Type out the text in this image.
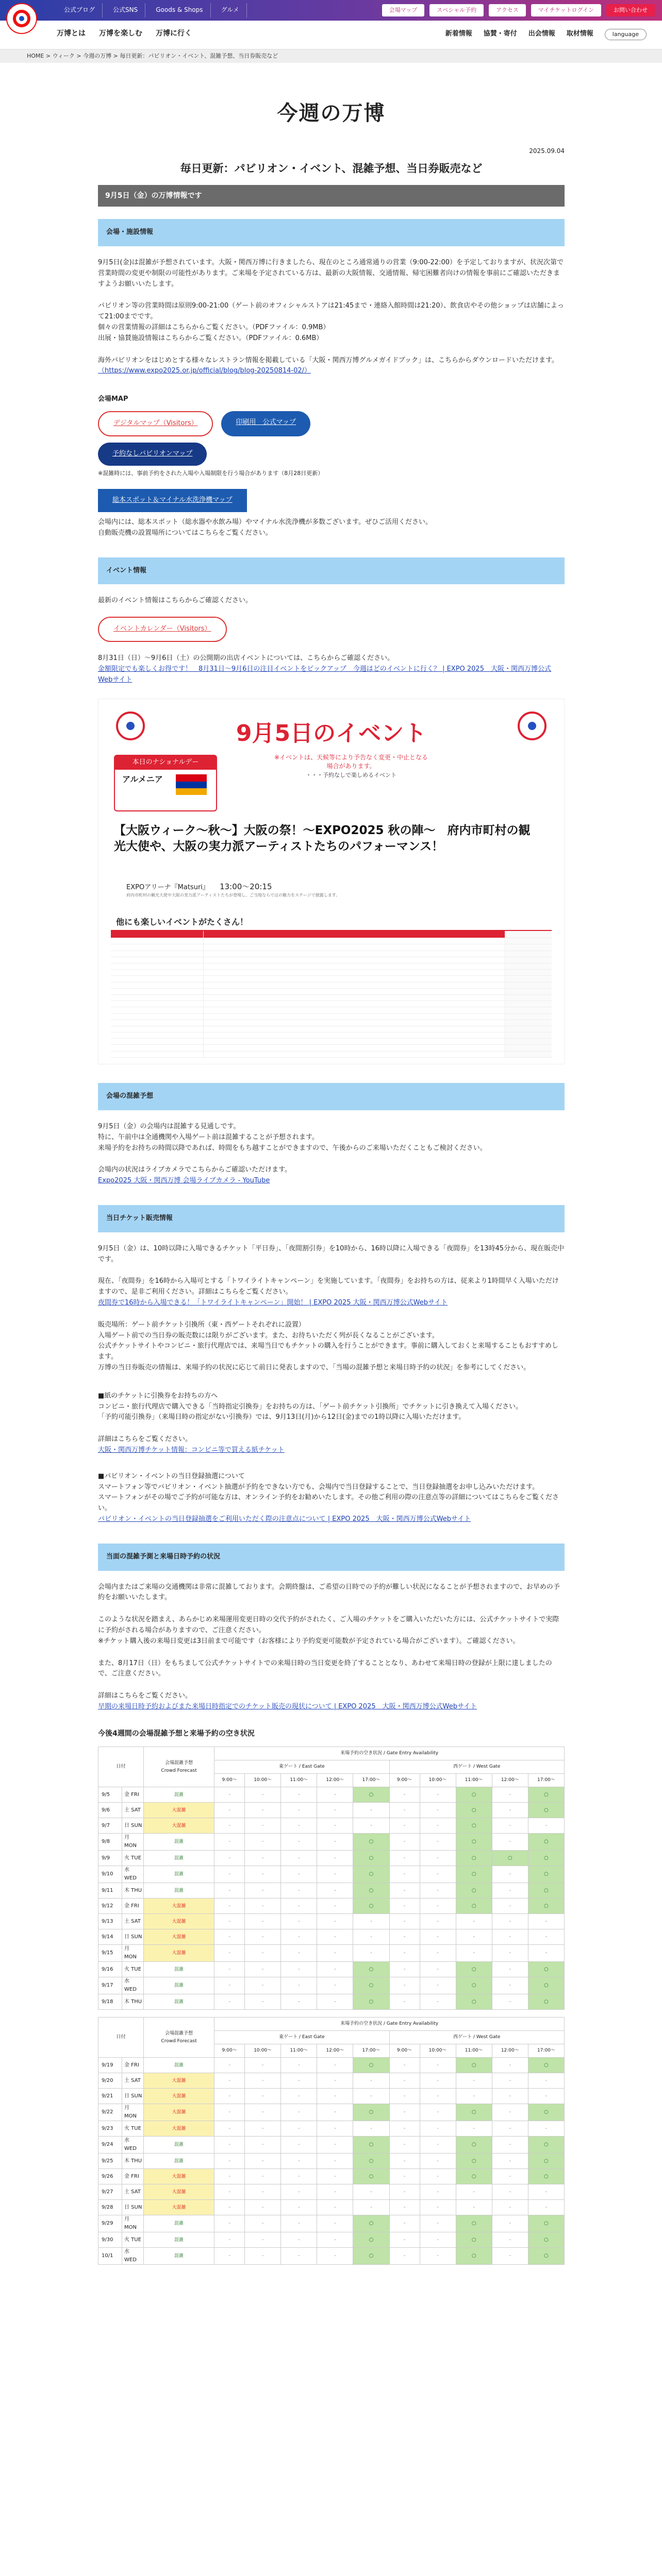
公式ブログ	公式SNS	Goods & Shops	グルメ	会場マップ	スペシャル予約	アクセス	マイチケットログイン	お問い合わせ
万博とは 万博を楽しむ 万博に行く	新着情報 協賛・寄付 出会情報 取材情報	language
HOME > ウィーク > 今週の万博 > 毎日更新：パビリオン・イベント、混雑予想、当日券販売など
今週の万博
2025.09.04
毎日更新：パビリオン・イベント、混雑予想、当日券販売など
9月5日（金）の万博情報です
会場・施設情報

9月5日(金)は混雑が予想されています。大阪・関西万博に行きましたら、現在のところ通常通りの営業（9:00-22:00）を予定しておりますが、状況次第で営業時間の変更や制限の可能性があります。ご来場を予定されている方は、最新の大阪情報、交通情報、帰宅困難者向けの情報を事前にご確認いただきますようお願いいたします。

パビリオン等の営業時間は原則9:00-21:00（ゲート前のオフィシャルストアは21:45まで・連絡入館時間は21:20）、飲食店やその他ショップは店舗によって21:00までです。

個々の営業情報の詳細はこちらからご覧ください。（PDFファイル：0.9MB）

出展・協賛施設情報はこちらからご覧ください。（PDFファイル：0.6MB）

海外パビリオンをはじめとする様々なレストラン情報を掲載している「大阪・関西万博グルメガイドブック」は、こちらからダウンロードいただけます。

（https://www.expo2025.or.jp/official/blog/blog-20250814-02/）

会場MAP

デジタルマップ（Visitors）	印刷用　公式マップ
予約なしパビリオンマップ

※混雑時には、事前予約をされた入場や入場制限を行う場合があります（8月28日更新）

総本スポット＆マイナル水洗浄機マップ

会場内には、総本スポット（総水器や水飲み場）やマイナル水洗浄機が多数ございます。ぜひご活用ください。

自動販売機の設置場所についてはこちらをご覧ください。

イベント情報

最新のイベント情報はこちらからご確認ください。

イベントカレンダー（Visitors）

8月31日（日）～9月6日（土）の公開期の出店イベントについては、こちらからご確認ください。

金額限定でも楽しくお得です！　8月31日～9月6日の注目イベントをピックアップ　今週はどのイベントに行く？ | EXPO 2025　大阪・関西万博公式Webサイト

9月5日のイベント
本日のナショナルデー
アルメニア
※イベントは、天候等により予告なく変更・中止となる場合があります。
・・・予約なしで楽しめるイベント
【大阪ウィーク～秋～】大阪の祭！～EXPO2025 秋の陣～　府内市町村の観光大使や、大阪の実力派アーティストたちのパフォーマンス！
EXPOアリーナ『Matsuri』 13:00～20:15
府内市町村の観光大使や大阪の実力派アーティストたちが登場し、ご当地ならではの魅力をステージで披露します。
他にも楽しいイベントがたくさん！
会場の混雑予想

9月5日（金）の会場内は混雑する見通しです。

特に、午前中は全通機関や入場ゲート前は混雑することが予想されます。

来場予約をお持ちの時間以降であれば、時間をもち越すことができますので、午後からのご来場いただくこともご検討ください。

会場内の状況はライブカメラでこちらからご確認いただけます。

Expo2025 大阪・関西万博 会場ライブカメラ - YouTube

当日チケット販売情報

9月5日（金）は、10時以降に入場できるチケット「平日券」、「夜間割引券」を10時から、16時以降に入場できる「夜間券」を13時45分から、現在販売中です。

現在、「夜間券」を16時から入場可とする「トワイライトキャンペーン」を実施しています。「夜間券」をお持ちの方は、従来より1時間早く入場いただけますので、是非ご利用ください。詳細はこちらをご覧ください。

夜間券で16時から入場できる！「トワイライトキャンペーン」開始！ | EXPO 2025 大阪・関西万博公式Webサイト

販売場所：ゲート前チケット引換所（東・西ゲートそれぞれに設置）

入場ゲート前での当日券の販売数には限りがございます。また、お待ちいただく列が長くなることがございます。

公式チケットサイトやコンビニ・旅行代理店では、来場当日でもチケットの購入を行うことができます。事前に購入しておくと来場することもおすすめします。

万博の当日券販売の情報は、来場予約の状況に応じて前日に発表しますので、「当場の混雑予想と来場日時予約の状況」を参考にしてください。

■紙のチケットに引換券をお持ちの方へ

コンビニ・旅行代理店で購入できる「当時指定引換券」をお持ちの方は、「ゲート前チケット引換所」でチケットに引き換えて入場ください。

「予約可能引換券」（来場日時の指定がない引換券）では、9月13日(月)から12日(金)までの1時以降に入場いただけます。

詳細はこちらをご覧ください。

大阪・関西万博チケット情報：コンビニ等で買える紙チケット

■パビリオン・イベントの当日登録抽選について

スマートフォン等でパビリオン・イベント抽選が予約をできない方でも、会場内で当日登録することで、当日登録抽選をお申し込みいただけます。

スマートフォンがその場でご予約が可能な方は、オンライン予約をお勧めいたします。その他ご利用の際の注意点等の詳細についてはこちらをご覧ください。

パビリオン・イベントの当日登録抽選をご利用いただく際の注意点について | EXPO 2025　大阪・関西万博公式Webサイト

当面の混雑予測と来場日時予約の状況

会場内またはご来場の交通機関は非常に混雑しております。会期終盤は、ご希望の日時での予約が難しい状況になることが予想されますので、お早めの予約をお願いいたします。

このような状況を踏まえ、あらかじめ来場運用変更日時の交代予約がされたく、ご入場のチケットをご購入いただいた方には、公式チケットサイトで実際に予約がされる場合がありますので、ご注意ください。

※チケット購入後の来場日変更は3日前まで可能です（お客様により予約変更可能数が予定されている場合がございます）。ご確認ください。

また、8月17日（日）をもちまして公式チケットサイトでの来場日時の当日変更を終了することとなり、あわせて来場日時の登録が上限に達しましたので、ご注意ください。

詳細はこちらをご覧ください。

早期の来場日時予約およびまた来場日時指定でのチケット販売の現状について | EXPO 2025　大阪・関西万博公式Webサイト

今後4週間の会場混雑予想と来場予約の空き状況

日付		会場混雑予想
Crowd Forecast	来場予約の空き状況 / Gate Entry Availability									
			東ゲート / East Gate					西ゲート / West Gate				
			9:00～	10:00～	11:00～	12:00～	17:00～	9:00～	10:00～	11:00～	12:00～	17:00～
9/5	金 FRI	混雑	‐	‐	‐	‐	○	‐	‐	○	‐	○
9/6	土 SAT	大混雑	‐	‐	‐	‐	‐	‐	‐	○	‐	○
9/7	日 SUN	大混雑	‐	‐	‐	‐	‐	‐	‐	○	‐	‐
9/8	月 MON	混雑	‐	‐	‐	‐	○	‐	‐	○	‐	○
9/9	火 TUE	混雑	‐	‐	‐	‐	○	‐	‐	○	○	○
9/10	水 WED	混雑	‐	‐	‐	‐	○	‐	‐	○	‐	○
9/11	木 THU	混雑	‐	‐	‐	‐	○	‐	‐	○	‐	○
9/12	金 FRI	大混雑	‐	‐	‐	‐	○	‐	‐	○	‐	○
9/13	土 SAT	大混雑	‐	‐	‐	‐	‐	‐	‐	‐	‐	‐
9/14	日 SUN	大混雑	‐	‐	‐	‐	‐	‐	‐	‐	‐	‐
9/15	月 MON	大混雑	‐	‐	‐	‐	‐	‐	‐	‐	‐	‐
9/16	火 TUE	混雑	‐	‐	‐	‐	○	‐	‐	○	‐	○
9/17	水 WED	混雑	‐	‐	‐	‐	○	‐	‐	○	‐	○
9/18	木 THU	混雑	‐	‐	‐	‐	○	‐	‐	○	‐	○
日付		会場混雑予想
Crowd Forecast	来場予約の空き状況 / Gate Entry Availability									
			東ゲート / East Gate					西ゲート / West Gate				
			9:00～	10:00～	11:00～	12:00～	17:00～	9:00～	10:00～	11:00～	12:00～	17:00～
9/19	金 FRI	混雑	‐	‐	‐	‐	○	‐	‐	○	‐	○
9/20	土 SAT	大混雑	‐	‐	‐	‐	‐	‐	‐	‐	‐	‐
9/21	日 SUN	大混雑	‐	‐	‐	‐	‐	‐	‐	‐	‐	‐
9/22	月 MON	大混雑	‐	‐	‐	‐	○	‐	‐	○	‐	○
9/23	火 TUE	大混雑	‐	‐	‐	‐	‐	‐	‐	‐	‐	‐
9/24	水 WED	混雑	‐	‐	‐	‐	○	‐	‐	○	‐	○
9/25	木 THU	混雑	‐	‐	‐	‐	○	‐	‐	○	‐	○
9/26	金 FRI	大混雑	‐	‐	‐	‐	○	‐	‐	○	‐	○
9/27	土 SAT	大混雑	‐	‐	‐	‐	‐	‐	‐	‐	‐	‐
9/28	日 SUN	大混雑	‐	‐	‐	‐	‐	‐	‐	‐	‐	‐
9/29	月 MON	混雑	‐	‐	‐	‐	○	‐	‐	○	‐	○
9/30	火 TUE	混雑	‐	‐	‐	‐	○	‐	‐	○	‐	○
10/1	水 WED	混雑	‐	‐	‐	‐	○	‐	‐	○	‐	○
